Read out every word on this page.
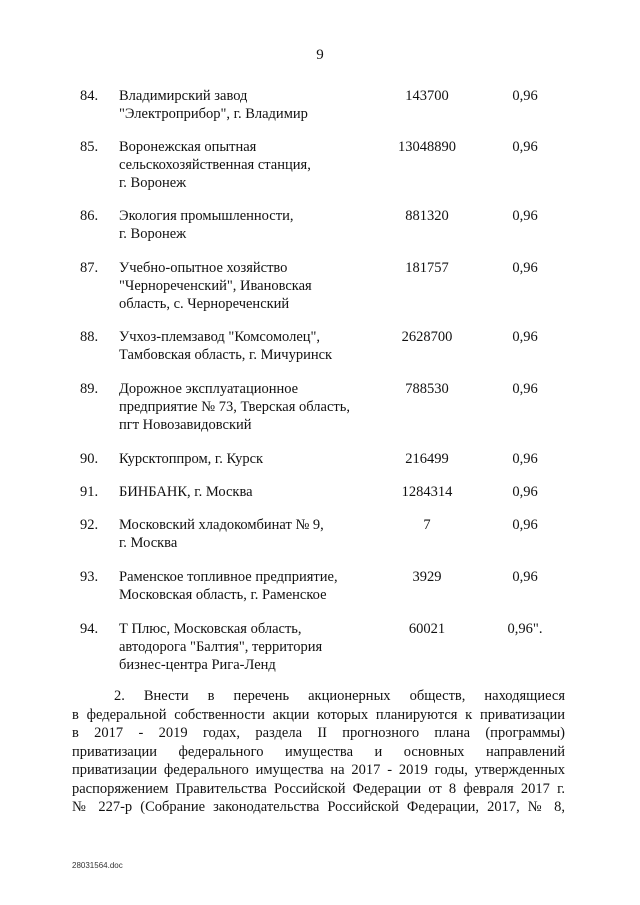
9
84. Владимирский завод
"Электроприбор", г. Владимир
143700	0,96
85. Воронежская опытная
сельскохозяйственная станция,
г. Воронеж
13048890	0,96
86. Экология промышленности,
г. Воронеж
881320	0,96
87. Учебно-опытное хозяйство
"Чернореченский", Ивановская
область, с. Чернореченский
181757	0,96
88. Учхоз-племзавод "Комсомолец",
Тамбовская область, г. Мичуринск
2628700	0,96
89. Дорожное эксплуатационное
предприятие № 73, Тверская область,
пгт Новозавидовский
788530	0,96
90. Курсктоппром, г. Курск	216499	0,96
91. БИНБАНК, г. Москва	1284314	0,96
92. Московский хладокомбинат № 9,
г. Москва
7	0,96
93. Раменское топливное предприятие,
Московская область, г. Раменское
3929	0,96
94. Т Плюс, Московская область,
автодорога "Балтия", территория
бизнес-центра Рига-Ленд
60021	0,96".
2. Внести в перечень акционерных обществ, находящиеся
в федеральной собственности акции которых планируются к приватизации
в 2017 - 2019 годах, раздела II прогнозного плана (программы)
приватизации федерального имущества и основных направлений
приватизации федерального имущества на 2017 - 2019 годы, утвержденных
распоряжением Правительства Российской Федерации от 8 февраля 2017 г.
№ 227-р (Собрание законодательства Российской Федерации, 2017, № 8,
28031564.doc
